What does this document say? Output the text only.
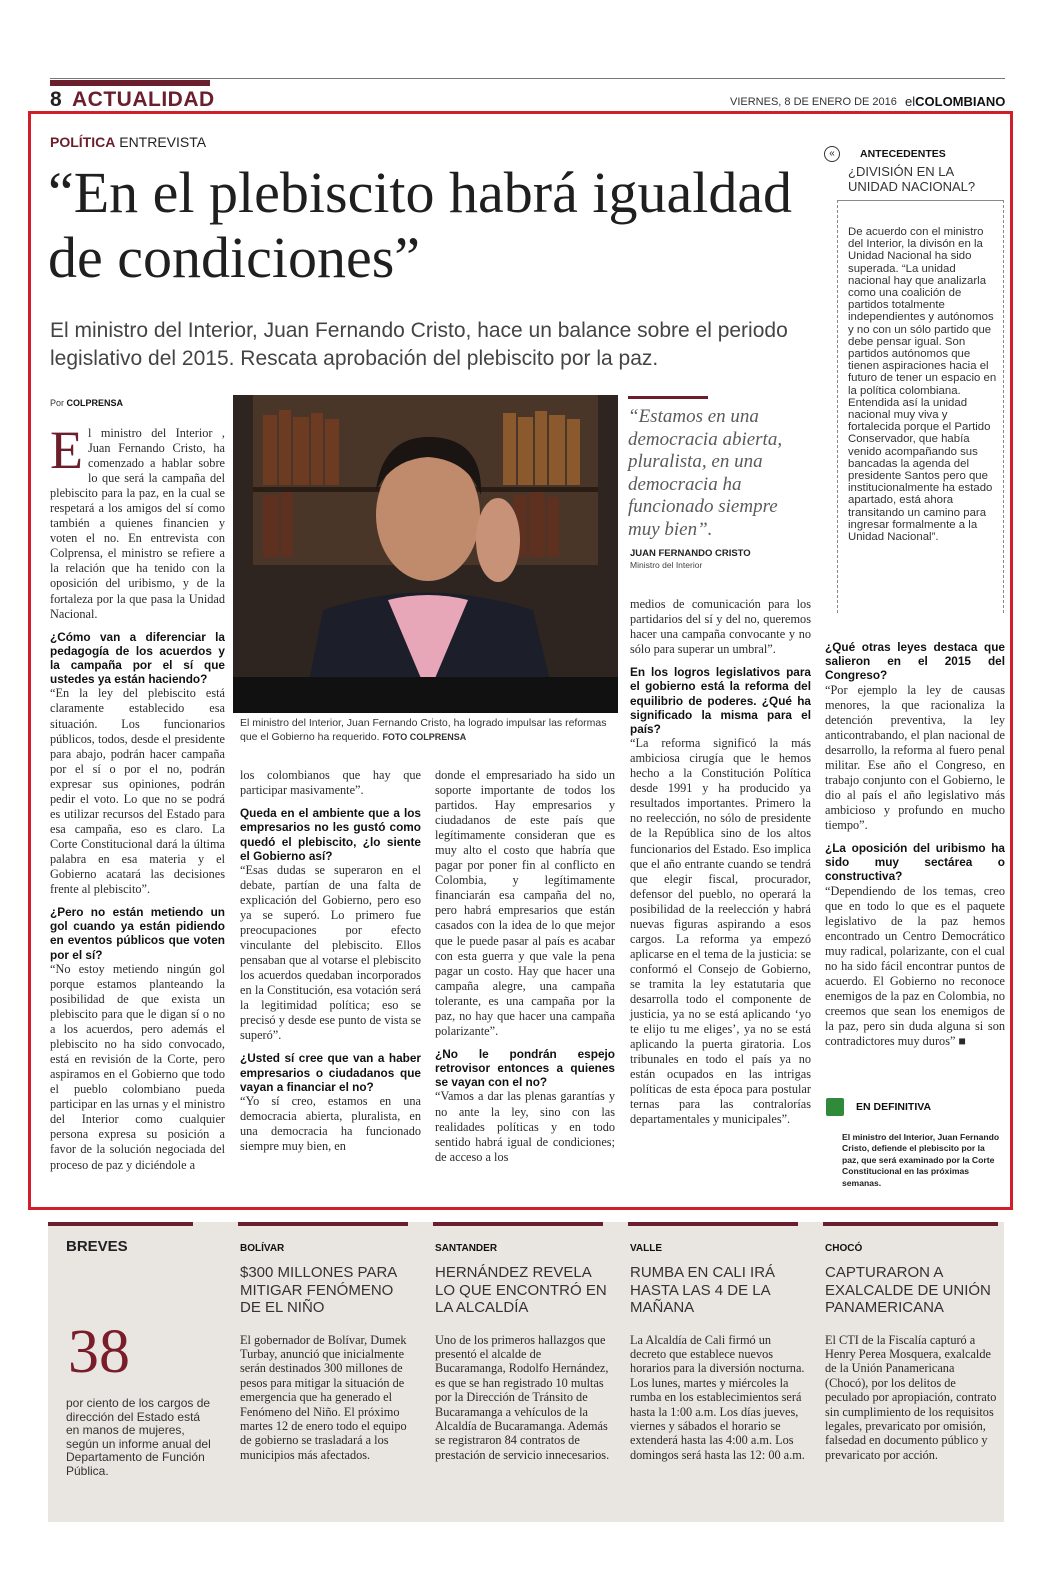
8 ACTUALIDAD	VIERNES, 8 DE ENERO DE 2016 elCOLOMBIANO
POLÍTICA ENTREVISTA
“En el plebiscito habrá igualdad de condiciones”
El ministro del Interior, Juan Fernando Cristo, hace un balance sobre el periodo legislativo del 2015. Rescata aprobación del plebiscito por la paz.
Por COLPRENSA
E l ministro del Interior , Juan Fernando Cristo, ha comenzado a hablar sobre lo que será la campaña del plebiscito para la paz, en la cual se respetará a los amigos del sí como también a quienes financien y voten el no. En entrevista con Colprensa, el ministro se refiere a la relación que ha tenido con la oposición del uribismo, y de la fortaleza por la que pasa la Unidad Nacional.

¿Cómo van a diferenciar la pedagogía de los acuerdos y la campaña por el sí que ustedes ya están haciendo?

“En la ley del plebiscito está claramente establecido esa situación. Los funcionarios públicos, todos, desde el presidente para abajo, podrán hacer campaña por el sí o por el no, podrán expresar sus opiniones, podrán pedir el voto. Lo que no se podrá es utilizar recursos del Estado para esa campaña, eso es claro. La Corte Constitucional dará la última palabra en esa materia y el Gobierno acatará las decisiones frente al plebiscito”.

¿Pero no están metiendo un gol cuando ya están pidiendo en eventos públicos que voten por el sí?

“No estoy metiendo ningún gol porque estamos planteando la posibilidad de que exista un plebiscito para que le digan sí o no a los acuerdos, pero además el plebiscito no ha sido convocado, está en revisión de la Corte, pero aspiramos en el Gobierno que todo el pueblo colombiano pueda participar en las urnas y el ministro del Interior como cualquier persona expresa su posición a favor de la solución negociada del proceso de paz y diciéndole a

los colombianos que hay que participar masivamente”.

Queda en el ambiente que a los empresarios no les gustó como quedó el plebiscito, ¿lo siente el Gobierno así?

“Esas dudas se superaron en el debate, partían de una falta de explicación del Gobierno, pero eso ya se superó. Lo primero fue preocupaciones por efecto vinculante del plebiscito. Ellos pensaban que al votarse el plebiscito los acuerdos quedaban incorporados en la Constitución, esa votación será la legitimidad política; eso se precisó y desde ese punto de vista se superó”.

¿Usted sí cree que van a haber empresarios o ciudadanos que vayan a financiar el no?

“Yo sí creo, estamos en una democracia abierta, pluralista, en una democracia ha funcionado siempre muy bien, en

donde el empresariado ha sido un soporte importante de todos los partidos. Hay empresarios y ciudadanos de este país que legítimamente consideran que es muy alto el costo que habría que pagar por poner fin al conflicto en Colombia, y legítimamente financiarán esa campaña del no, pero habrá empresarios que están casados con la idea de lo que mejor que le puede pasar al país es acabar con esta guerra y que vale la pena pagar un costo. Hay que hacer una campaña alegre, una campaña tolerante, es una campaña por la paz, no hay que hacer una campaña polarizante”.

¿No le pondrán espejo retrovisor entonces a quienes se vayan con el no?

“Vamos a dar las plenas garantías y no ante la ley, sino con las realidades políticas y en todo sentido habrá igual de condiciones; de acceso a los

medios de comunicación para los partidarios del sí y del no, queremos hacer una campaña convocante y no sólo para superar un umbral”.

En los logros legislativos para el gobierno está la reforma del equilibrio de poderes. ¿Qué ha significado la misma para el país?

“La reforma significó la más ambiciosa cirugía que le hemos hecho a la Constitución Política desde 1991 y ha producido ya resultados importantes. Primero la no reelección, no sólo de presidente de la República sino de los altos funcionarios del Estado. Eso implica que el año entrante cuando se tendrá que elegir fiscal, procurador, defensor del pueblo, no operará la posibilidad de la reelección y habrá nuevas figuras aspirando a esos cargos. La reforma ya empezó aplicarse en el tema de la justicia: se conformó el Consejo de Gobierno, se tramita la ley estatutaria que desarrolla todo el componente de justicia, ya no se está aplicando ‘yo te elijo tu me eliges’, ya no se está aplicando la puerta giratoria. Los tribunales en todo el país ya no están ocupados en las intrigas políticas de esta época para postular ternas para las contralorías departamentales y municipales”.

¿Qué otras leyes destaca que salieron en el 2015 del Congreso?

“Por ejemplo la ley de causas menores, la que racionaliza la detención preventiva, la ley anticontrabando, el plan nacional de desarrollo, la reforma al fuero penal militar. Ese año el Congreso, en trabajo conjunto con el Gobierno, le dio al país el año legislativo más ambicioso y profundo en mucho tiempo”.

¿La oposición del uribismo ha sido muy sectárea o constructiva?

“Dependiendo de los temas, creo que en todo lo que es el paquete legislativo de la paz hemos encontrado un Centro Democrático muy radical, polarizante, con el cual no ha sido fácil encontrar puntos de acuerdo. El Gobierno no reconoce enemigos de la paz en Colombia, no creemos que sean los enemigos de la paz, pero sin duda alguna si son contradictores muy duros” ■

El ministro del Interior, Juan Fernando Cristo, ha logrado impulsar las reformas que el Gobierno ha requerido. FOTO COLPRENSA
“Estamos en una democracia abierta, pluralista, en una democracia ha funcionado siempre muy bien”.
JUAN FERNANDO CRISTO
Ministro del Interior
«	ANTECEDENTES
¿DIVISIÓN EN LA UNIDAD NACIONAL?
De acuerdo con el ministro del Interior, la divisón en la Unidad Nacional ha sido superada. “La unidad nacional hay que analizarla como una coalición de partidos totalmente independientes y autónomos y no con un sólo partido que debe pensar igual. Son partidos autónomos que tienen aspiraciones hacia el futuro de tener un espacio en la política colombiana. Entendida así la unidad nacional muy viva y fortalecida porque el Partido Conservador, que había venido acompañando sus bancadas la agenda del presidente Santos pero que institucionalmente ha estado apartado, está ahora transitando un camino para ingresar formalmente a la Unidad Nacional”.
EN DEFINITIVA
El ministro del Interior, Juan Fernando Cristo, defiende el plebiscito por la paz, que será examinado por la Corte Constitucional en las próximas semanas.
BREVES
38
por ciento de los cargos de dirección del Estado está en manos de mujeres, según un informe anual del Departamento de Función Pública.
BOLÍVAR
$300 MILLONES PARA MITIGAR FENÓMENO DE EL NIÑO
El gobernador de Bolívar, Dumek Turbay, anunció que inicialmente serán destinados 300 millones de pesos para mitigar la situación de emergencia que ha generado el Fenómeno del Niño. El próximo martes 12 de enero todo el equipo de gobierno se trasladará a los municipios más afectados.
SANTANDER
HERNÁNDEZ REVELA LO QUE ENCONTRÓ EN LA ALCALDÍA
Uno de los primeros hallazgos que presentó el alcalde de Bucaramanga, Rodolfo Hernández, es que se han registrado 10 multas por la Dirección de Tránsito de Bucaramanga a vehículos de la Alcaldía de Bucaramanga. Además se registraron 84 contratos de prestación de servicio innecesarios.
VALLE
RUMBA EN CALI IRÁ HASTA LAS 4 DE LA MAÑANA
La Alcaldía de Cali firmó un decreto que establece nuevos horarios para la diversión nocturna. Los lunes, martes y miércoles la rumba en los establecimientos será hasta la 1:00 a.m. Los días jueves, viernes y sábados el horario se extenderá hasta las 4:00 a.m. Los domingos será hasta las 12: 00 a.m.
CHOCÓ
CAPTURARON A EXALCALDE DE UNIÓN PANAMERICANA
El CTI de la Fiscalía capturó a Henry Perea Mosquera, exalcalde de la Unión Panamericana (Chocó), por los delitos de peculado por apropiación, contrato sin cumplimiento de los requisitos legales, prevaricato por omisión, falsedad en documento público y prevaricato por acción.
